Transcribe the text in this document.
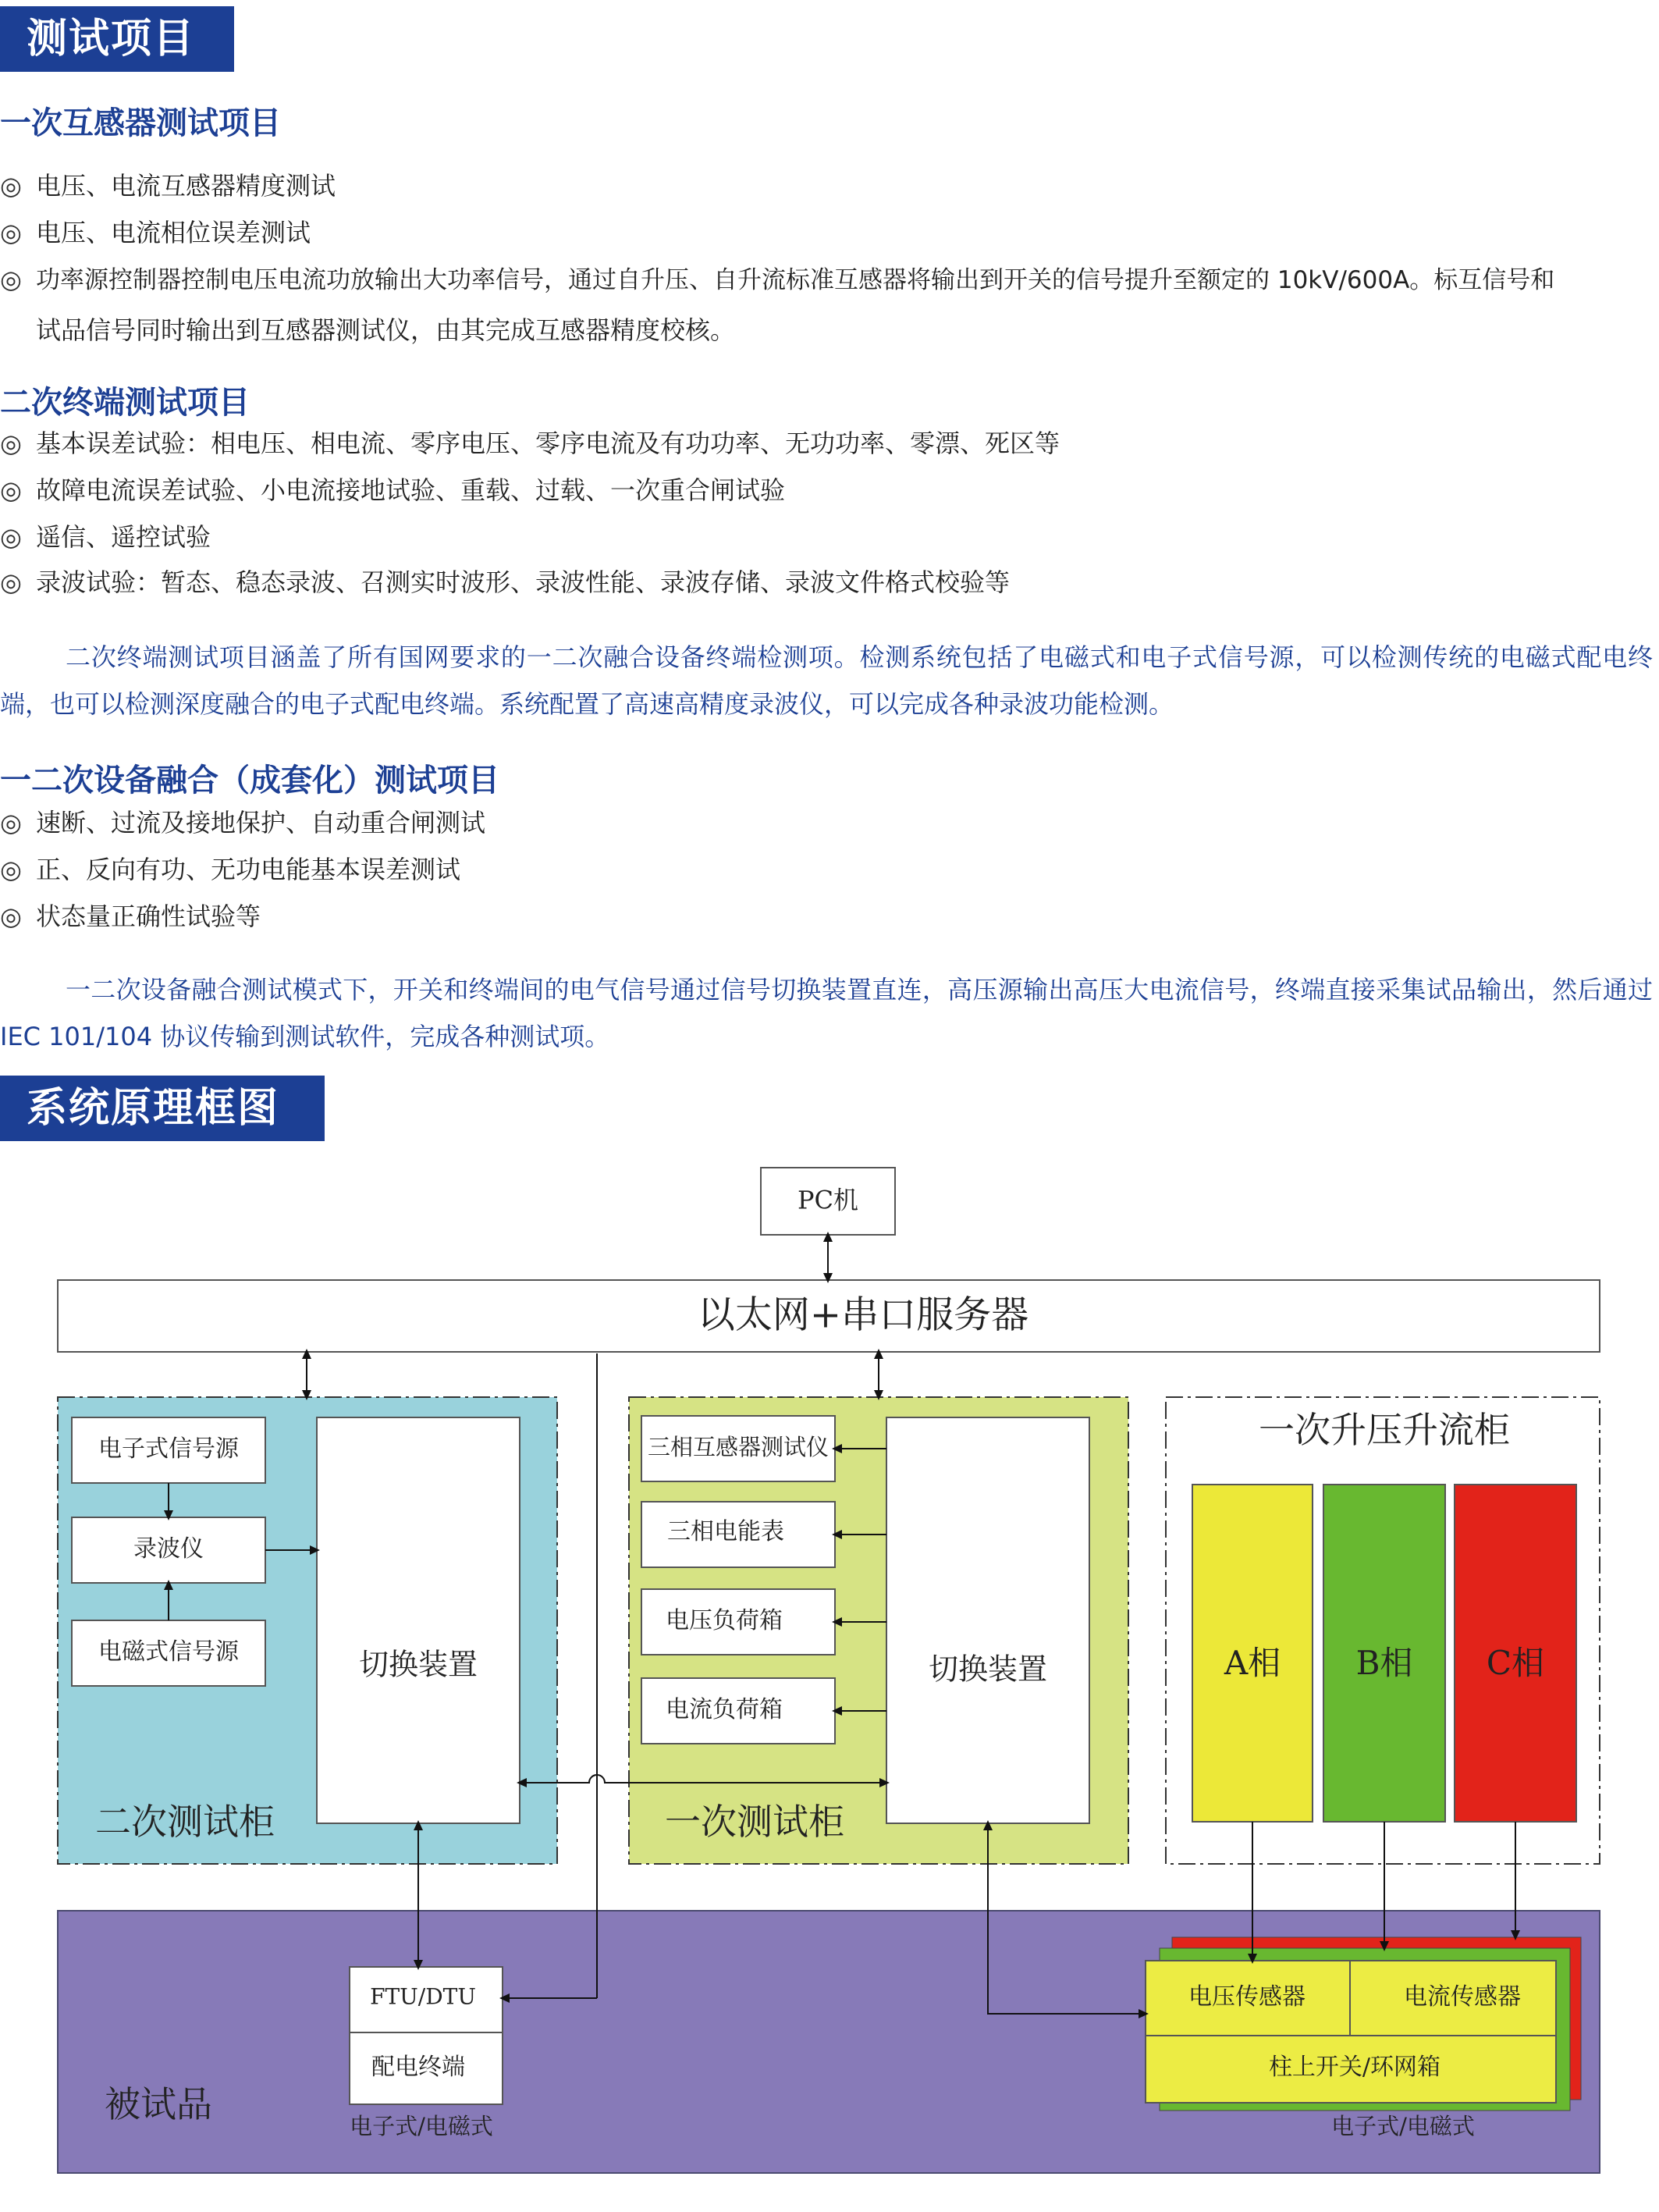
测试项目
一次互感器测试项目
◎ 电压、电流互感器精度测试
◎ 电压、电流相位误差测试
◎ 功率源控制器控制电压电流功放输出大功率信号，通过自升压、自升流标准互感器将输出到开关的信号提升至额定的 10kV/600A。标互信号和
试品信号同时输出到互感器测试仪，由其完成互感器精度校核。
二次终端测试项目
◎ 基本误差试验：相电压、相电流、零序电压、零序电流及有功功率、无功功率、零漂、死区等
◎ 故障电流误差试验、小电流接地试验、重载、过载、一次重合闸试验
◎ 遥信、遥控试验
◎ 录波试验：暂态、稳态录波、召测实时波形、录波性能、录波存储、录波文件格式校验等
二次终端测试项目涵盖了所有国网要求的一二次融合设备终端检测项。检测系统包括了电磁式和电子式信号源，可以检测传统的电磁式配电终端，也可以检测深度融合的电子式配电终端。系统配置了高速高精度录波仪，可以完成各种录波功能检测。
一二次设备融合（成套化）测试项目
◎ 速断、过流及接地保护、自动重合闸测试
◎ 正、反向有功、无功电能基本误差测试
◎ 状态量正确性试验等
一二次设备融合测试模式下，开关和终端间的电气信号通过信号切换装置直连，高压源输出高压大电流信号，终端直接采集试品输出，然后通过 IEC 101/104 协议传输到测试软件，完成各种测试项。
系统原理框图
PC机
以太网+串口服务器
电子式信号源
录波仪
电磁式信号源	切换装置
二次测试柜
三相互感器测试仪
三相电能表
电压负荷箱
电流负荷箱
切换装置
一次测试柜
一次升压升流柜
A相 B相 C相
FTU/DTU
配电终端
电子式/电磁式
被试品
电压传感器	电流传感器
柱上开关/环网箱
电子式/电磁式
